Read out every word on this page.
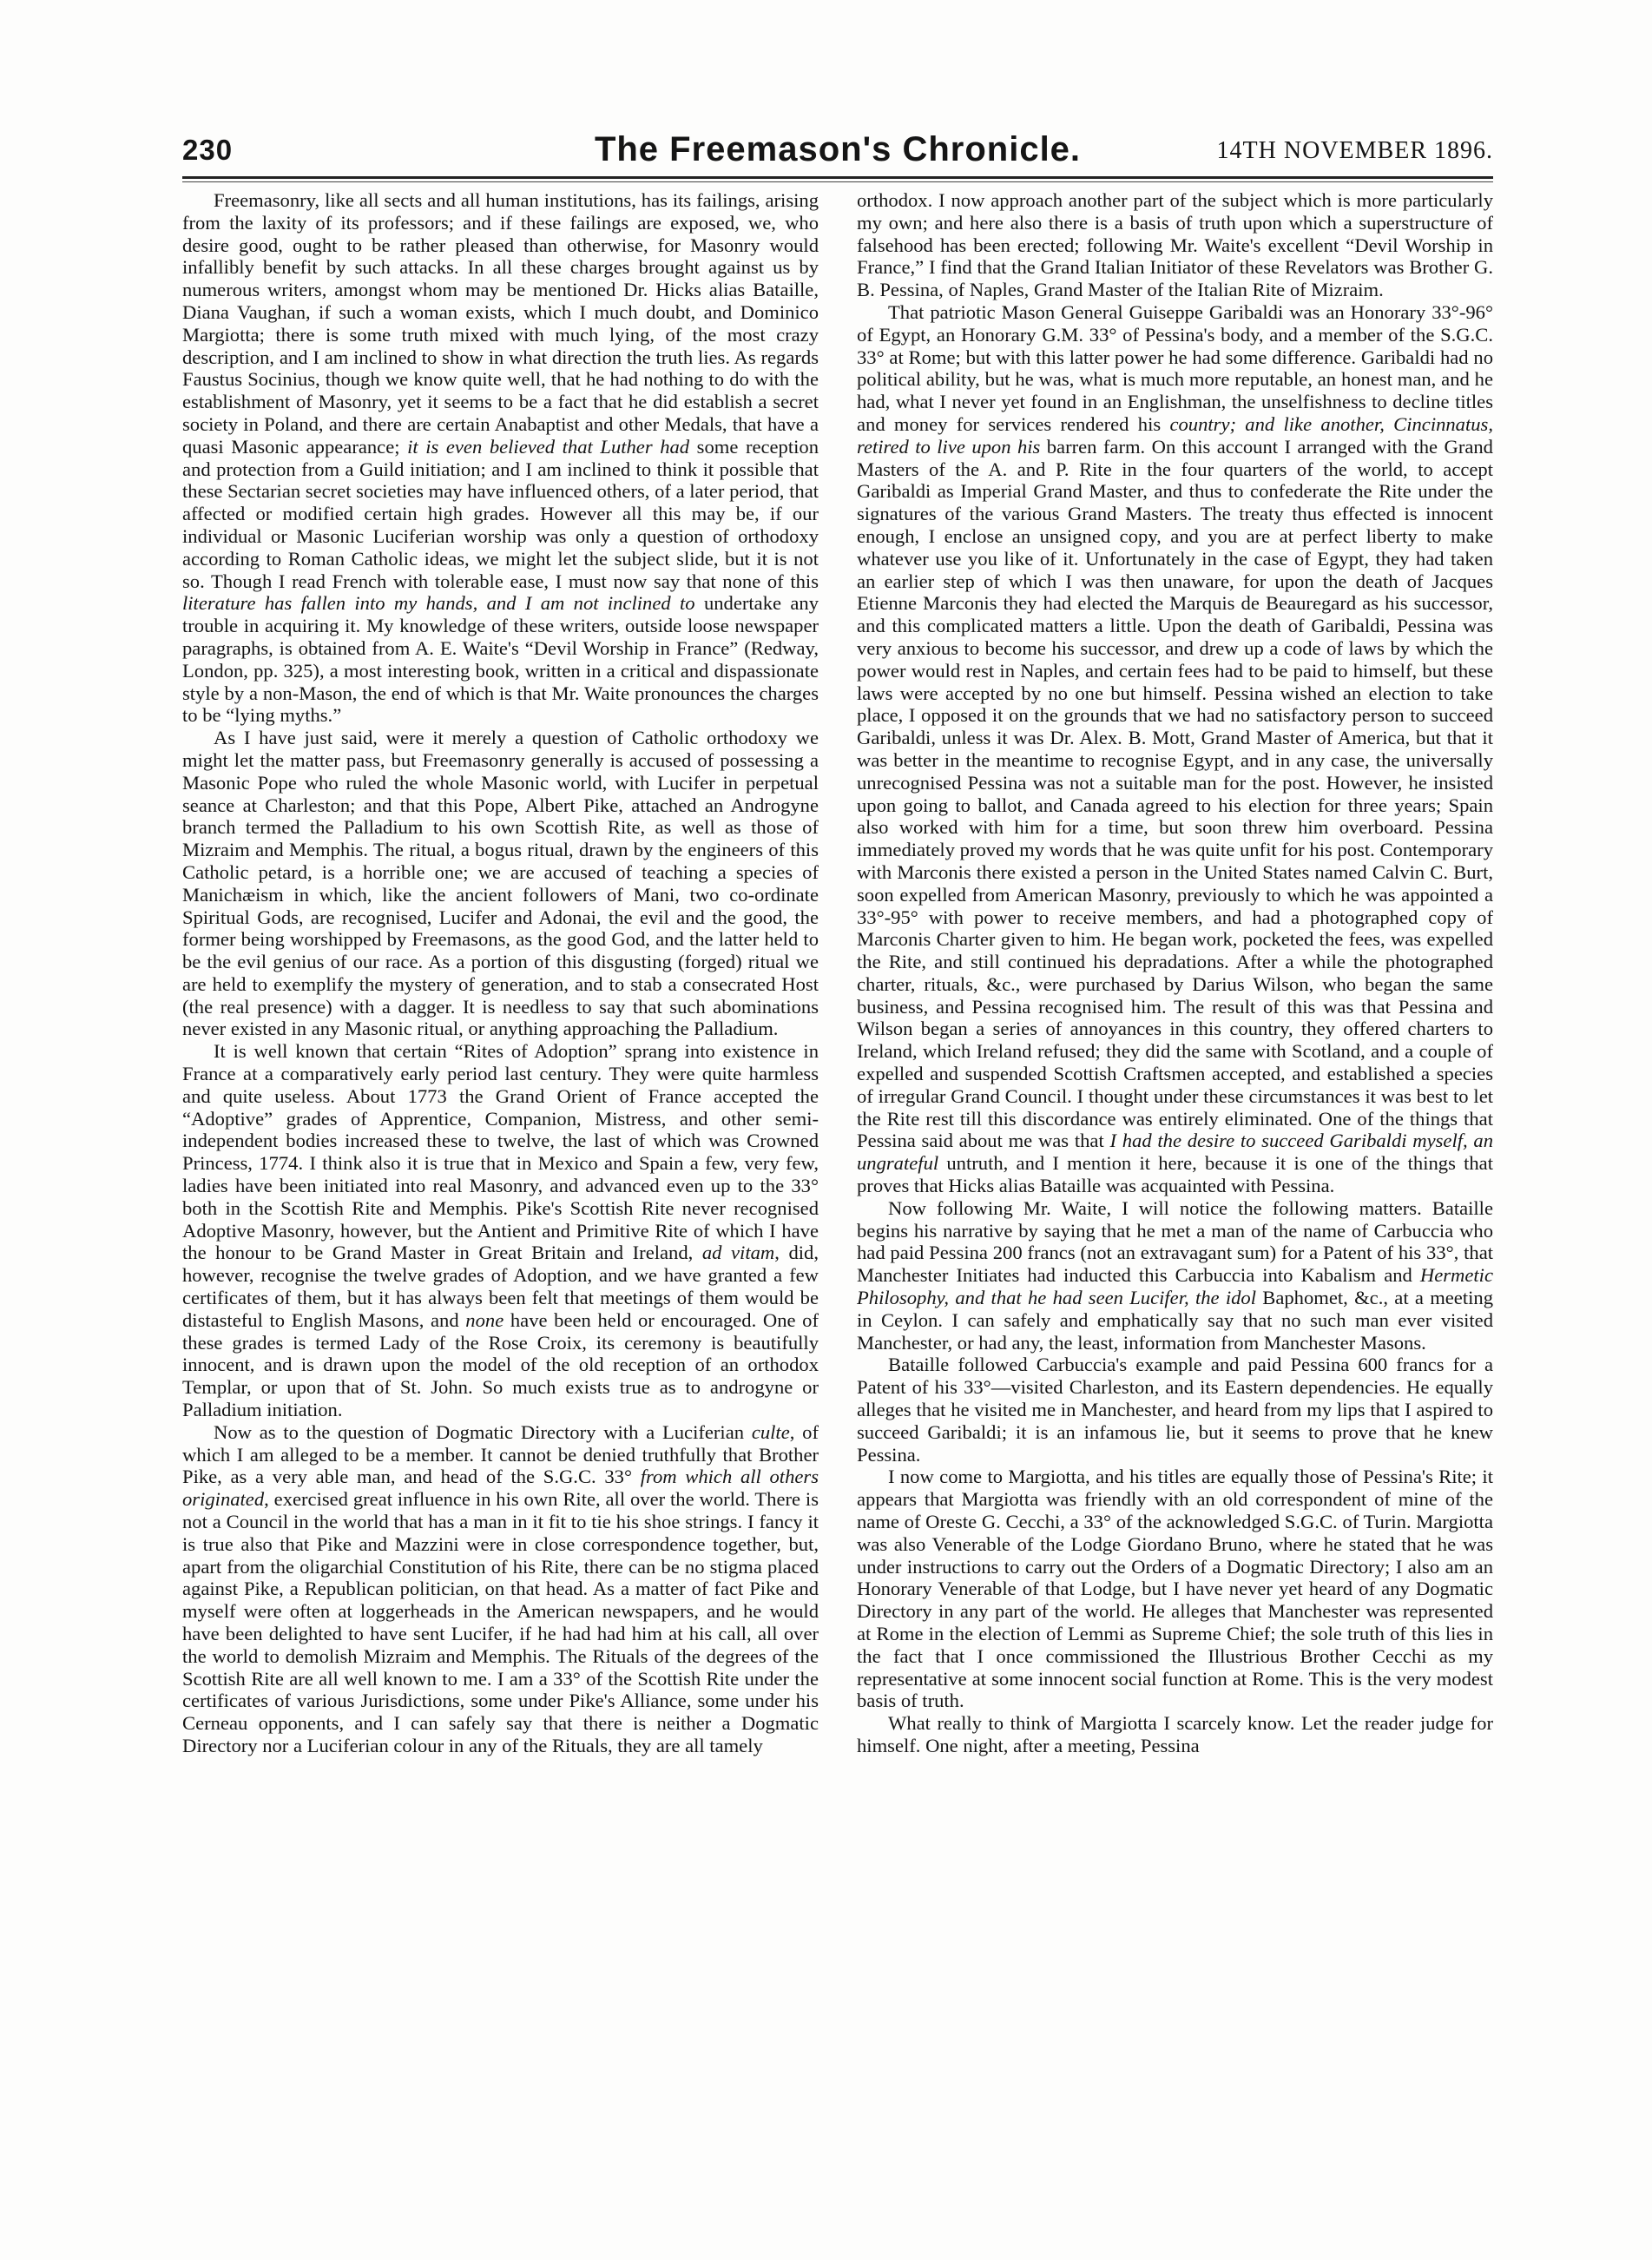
230	The Freemason's Chronicle.	14TH NOVEMBER 1896.

Freemasonry, like all sects and all human institutions, has its failings, arising from the laxity of its professors; and if these failings are exposed, we, who desire good, ought to be rather pleased than otherwise, for Masonry would infallibly benefit by such attacks. In all these charges brought against us by numerous writers, amongst whom may be mentioned Dr. Hicks alias Bataille, Diana Vaughan, if such a woman exists, which I much doubt, and Dominico Margiotta; there is some truth mixed with much lying, of the most crazy description, and I am inclined to show in what direction the truth lies. As regards Faustus Socinius, though we know quite well, that he had nothing to do with the establishment of Masonry, yet it seems to be a fact that he did establish a secret society in Poland, and there are certain Anabaptist and other Medals, that have a quasi Masonic appearance; it is even believed that Luther had some reception and protection from a Guild initiation; and I am inclined to think it possible that these Sectarian secret societies may have influenced others, of a later period, that affected or modified certain high grades. However all this may be, if our individual or Masonic Luciferian worship was only a question of orthodoxy according to Roman Catholic ideas, we might let the subject slide, but it is not so. Though I read French with tolerable ease, I must now say that none of this literature has fallen into my hands, and I am not inclined to undertake any trouble in acquiring it. My knowledge of these writers, outside loose newspaper paragraphs, is obtained from A. E. Waite's “Devil Worship in France” (Redway, London, pp. 325), a most interesting book, written in a critical and dispassionate style by a non-Mason, the end of which is that Mr. Waite pronounces the charges to be “lying myths.”

As I have just said, were it merely a question of Catholic orthodoxy we might let the matter pass, but Freemasonry generally is accused of possessing a Masonic Pope who ruled the whole Masonic world, with Lucifer in perpetual seance at Charleston; and that this Pope, Albert Pike, attached an Androgyne branch termed the Palladium to his own Scottish Rite, as well as those of Mizraim and Memphis. The ritual, a bogus ritual, drawn by the engineers of this Catholic petard, is a horrible one; we are accused of teaching a species of Manichæism in which, like the ancient followers of Mani, two co-ordinate Spiritual Gods, are recognised, Lucifer and Adonai, the evil and the good, the former being worshipped by Freemasons, as the good God, and the latter held to be the evil genius of our race. As a portion of this disgusting (forged) ritual we are held to exemplify the mystery of generation, and to stab a consecrated Host (the real presence) with a dagger. It is needless to say that such abominations never existed in any Masonic ritual, or anything approaching the Palladium.

It is well known that certain “Rites of Adoption” sprang into existence in France at a comparatively early period last century. They were quite harmless and quite useless. About 1773 the Grand Orient of France accepted the “Adoptive” grades of Apprentice, Companion, Mistress, and other semi-independent bodies increased these to twelve, the last of which was Crowned Princess, 1774. I think also it is true that in Mexico and Spain a few, very few, ladies have been initiated into real Masonry, and advanced even up to the 33° both in the Scottish Rite and Memphis. Pike's Scottish Rite never recognised Adoptive Masonry, however, but the Antient and Primitive Rite of which I have the honour to be Grand Master in Great Britain and Ireland, ad vitam, did, however, recognise the twelve grades of Adoption, and we have granted a few certificates of them, but it has always been felt that meetings of them would be distasteful to English Masons, and none have been held or encouraged. One of these grades is termed Lady of the Rose Croix, its ceremony is beautifully innocent, and is drawn upon the model of the old reception of an orthodox Templar, or upon that of St. John. So much exists true as to androgyne or Palladium initiation.

Now as to the question of Dogmatic Directory with a Luciferian culte, of which I am alleged to be a member. It cannot be denied truthfully that Brother Pike, as a very able man, and head of the S.G.C. 33° from which all others originated, exercised great influence in his own Rite, all over the world. There is not a Council in the world that has a man in it fit to tie his shoe strings. I fancy it is true also that Pike and Mazzini were in close correspondence together, but, apart from the oligarchial Constitution of his Rite, there can be no stigma placed against Pike, a Republican politician, on that head. As a matter of fact Pike and myself were often at loggerheads in the American newspapers, and he would have been delighted to have sent Lucifer, if he had had him at his call, all over the world to demolish Mizraim and Memphis. The Rituals of the degrees of the Scottish Rite are all well known to me. I am a 33° of the Scottish Rite under the certificates of various Jurisdictions, some under Pike's Alliance, some under his Cerneau opponents, and I can safely say that there is neither a Dogmatic Directory nor a Luciferian colour in any of the Rituals, they are all tamely

orthodox. I now approach another part of the subject which is more particularly my own; and here also there is a basis of truth upon which a superstructure of falsehood has been erected; following Mr. Waite's excellent “Devil Worship in France,” I find that the Grand Italian Initiator of these Revelators was Brother G. B. Pessina, of Naples, Grand Master of the Italian Rite of Mizraim.

That patriotic Mason General Guiseppe Garibaldi was an Honorary 33°-96° of Egypt, an Honorary G.M. 33° of Pessina's body, and a member of the S.G.C. 33° at Rome; but with this latter power he had some difference. Garibaldi had no political ability, but he was, what is much more reputable, an honest man, and he had, what I never yet found in an Englishman, the unselfishness to decline titles and money for services rendered his country; and like another, Cincinnatus, retired to live upon his barren farm. On this account I arranged with the Grand Masters of the A. and P. Rite in the four quarters of the world, to accept Garibaldi as Imperial Grand Master, and thus to confederate the Rite under the signatures of the various Grand Masters. The treaty thus effected is innocent enough, I enclose an unsigned copy, and you are at perfect liberty to make whatever use you like of it. Unfortunately in the case of Egypt, they had taken an earlier step of which I was then unaware, for upon the death of Jacques Etienne Marconis they had elected the Marquis de Beauregard as his successor, and this complicated matters a little. Upon the death of Garibaldi, Pessina was very anxious to become his successor, and drew up a code of laws by which the power would rest in Naples, and certain fees had to be paid to himself, but these laws were accepted by no one but himself. Pessina wished an election to take place, I opposed it on the grounds that we had no satisfactory person to succeed Garibaldi, unless it was Dr. Alex. B. Mott, Grand Master of America, but that it was better in the meantime to recognise Egypt, and in any case, the universally unrecognised Pessina was not a suitable man for the post. However, he insisted upon going to ballot, and Canada agreed to his election for three years; Spain also worked with him for a time, but soon threw him overboard. Pessina immediately proved my words that he was quite unfit for his post. Contemporary with Marconis there existed a person in the United States named Calvin C. Burt, soon expelled from American Masonry, previously to which he was appointed a 33°-95° with power to receive members, and had a photographed copy of Marconis Charter given to him. He began work, pocketed the fees, was expelled the Rite, and still continued his depradations. After a while the photographed charter, rituals, &c., were purchased by Darius Wilson, who began the same business, and Pessina recognised him. The result of this was that Pessina and Wilson began a series of annoyances in this country, they offered charters to Ireland, which Ireland refused; they did the same with Scotland, and a couple of expelled and suspended Scottish Craftsmen accepted, and established a species of irregular Grand Council. I thought under these circumstances it was best to let the Rite rest till this discordance was entirely eliminated. One of the things that Pessina said about me was that I had the desire to succeed Garibaldi myself, an ungrateful untruth, and I mention it here, because it is one of the things that proves that Hicks alias Bataille was acquainted with Pessina.

Now following Mr. Waite, I will notice the following matters. Bataille begins his narrative by saying that he met a man of the name of Carbuccia who had paid Pessina 200 francs (not an extravagant sum) for a Patent of his 33°, that Manchester Initiates had inducted this Carbuccia into Kabalism and Hermetic Philosophy, and that he had seen Lucifer, the idol Baphomet, &c., at a meeting in Ceylon. I can safely and emphatically say that no such man ever visited Manchester, or had any, the least, information from Manchester Masons.

Bataille followed Carbuccia's example and paid Pessina 600 francs for a Patent of his 33°—visited Charleston, and its Eastern dependencies. He equally alleges that he visited me in Manchester, and heard from my lips that I aspired to succeed Garibaldi; it is an infamous lie, but it seems to prove that he knew Pessina.

I now come to Margiotta, and his titles are equally those of Pessina's Rite; it appears that Margiotta was friendly with an old correspondent of mine of the name of Oreste G. Cecchi, a 33° of the acknowledged S.G.C. of Turin. Margiotta was also Venerable of the Lodge Giordano Bruno, where he stated that he was under instructions to carry out the Orders of a Dogmatic Directory; I also am an Honorary Venerable of that Lodge, but I have never yet heard of any Dogmatic Directory in any part of the world. He alleges that Manchester was represented at Rome in the election of Lemmi as Supreme Chief; the sole truth of this lies in the fact that I once commissioned the Illustrious Brother Cecchi as my representative at some innocent social function at Rome. This is the very modest basis of truth.

What really to think of Margiotta I scarcely know. Let the reader judge for himself. One night, after a meeting, Pessina
